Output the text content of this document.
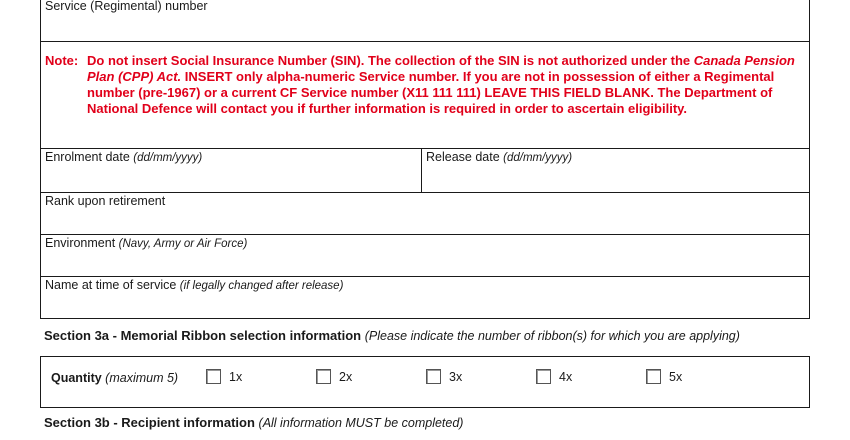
Service (Regimental) number
Note: Do not insert Social Insurance Number (SIN). The collection of the SIN is not authorized under the Canada Pension Plan (CPP) Act. INSERT only alpha-numeric Service number. If you are not in possession of either a Regimental number (pre-1967) or a current CF Service number (X11 111 111) LEAVE THIS FIELD BLANK. The Department of National Defence will contact you if further information is required in order to ascertain eligibility.
Enrolment date (dd/mm/yyyy)	Release date (dd/mm/yyyy)
Rank upon retirement
Environment (Navy, Army or Air Force)
Name at time of service (if legally changed after release)
Section 3a - Memorial Ribbon selection information (Please indicate the number of ribbon(s) for which you are applying)
Quantity (maximum 5)	1x	2x	3x	4x	5x
Section 3b - Recipient information (All information MUST be completed)
